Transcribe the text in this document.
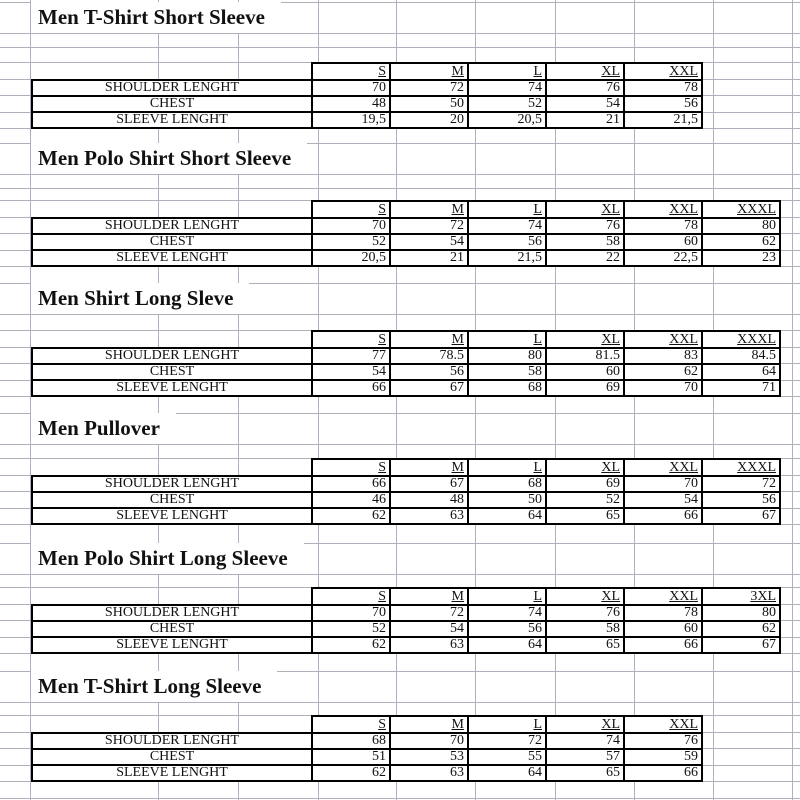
Men T-Shirt Short Sleeve
	S	M	L	XL	XXL
SHOULDER LENGHT	70	72	74	76	78
CHEST	48	50	52	54	56
SLEEVE LENGHT	19,5	20	20,5	21	21,5
Men Polo Shirt Short Sleeve
	S	M	L	XL	XXL	XXXL
SHOULDER LENGHT	70	72	74	76	78	80
CHEST	52	54	56	58	60	62
SLEEVE LENGHT	20,5	21	21,5	22	22,5	23
Men Shirt Long Sleve
	S	M	L	XL	XXL	XXXL
SHOULDER LENGHT	77	78.5	80	81.5	83	84.5
CHEST	54	56	58	60	62	64
SLEEVE LENGHT	66	67	68	69	70	71
Men Pullover
	S	M	L	XL	XXL	XXXL
SHOULDER LENGHT	66	67	68	69	70	72
CHEST	46	48	50	52	54	56
SLEEVE LENGHT	62	63	64	65	66	67
Men Polo Shirt Long Sleeve
	S	M	L	XL	XXL	3XL
SHOULDER LENGHT	70	72	74	76	78	80
CHEST	52	54	56	58	60	62
SLEEVE LENGHT	62	63	64	65	66	67
Men T-Shirt Long Sleeve
	S	M	L	XL	XXL
SHOULDER LENGHT	68	70	72	74	76
CHEST	51	53	55	57	59
SLEEVE LENGHT	62	63	64	65	66
